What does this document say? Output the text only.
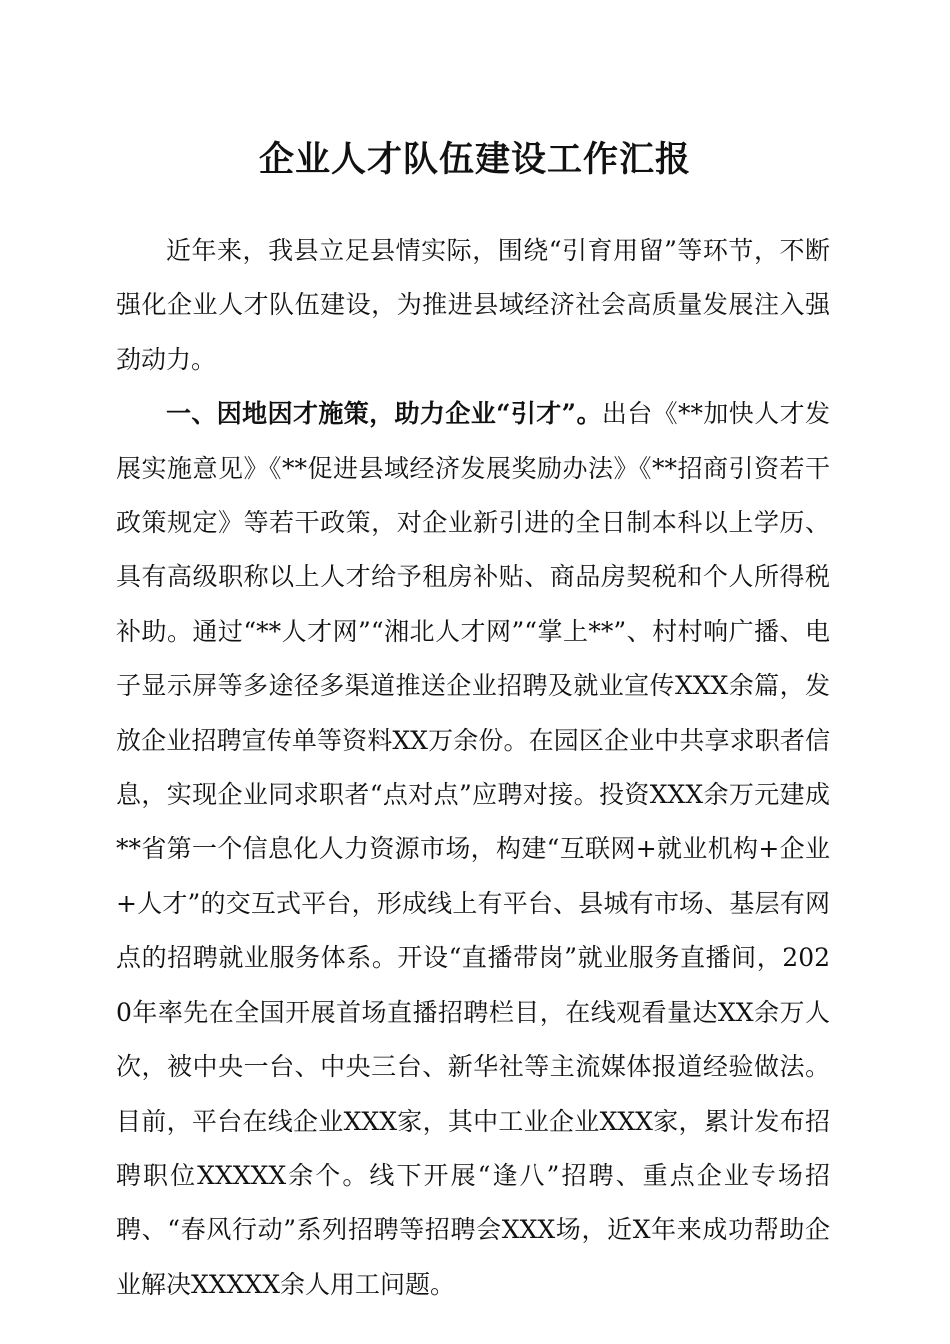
企业人才队伍建设工作汇报

近年来，我县立足县情实际，围绕“引育用留”等环节，不断强化企业人才队伍建设，为推进县域经济社会高质量发展注入强劲动力。

一、因地因才施策，助力企业“引才”。出台《**加快人才发展实施意见》《**促进县域经济发展奖励办法》《**招商引资若干政策规定》等若干政策，对企业新引进的全日制本科以上学历、具有高级职称以上人才给予租房补贴、商品房契税和个人所得税补助。通过“**人才网”“湘北人才网”“掌上**”、村村响广播、电子显示屏等多途径多渠道推送企业招聘及就业宣传XXX余篇，发放企业招聘宣传单等资料XX万余份。在园区企业中共享求职者信息，实现企业同求职者“点对点”应聘对接。投资XXX余万元建成**省第一个信息化人力资源市场，构建“互联网+就业机构+企业+人才”的交互式平台，形成线上有平台、县城有市场、基层有网点的招聘就业服务体系。开设“直播带岗”就业服务直播间，2020年率先在全国开展首场直播招聘栏目，在线观看量达XX余万人次，被中央一台、中央三台、新华社等主流媒体报道经验做法。目前，平台在线企业XXX家，其中工业企业XXX家，累计发布招聘职位XXXXX余个。线下开展“逢八”招聘、重点企业专场招聘、“春风行动”系列招聘等招聘会XXX场，近X年来成功帮助企业解决XXXXX余人用工问题。
